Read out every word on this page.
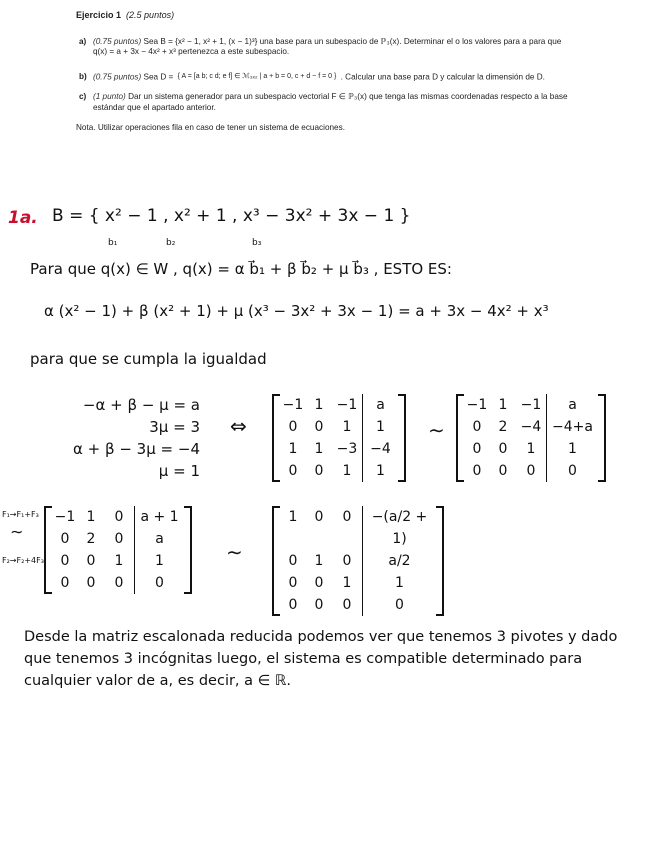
Ejercicio 1 (2.5 puntos)
a) (0.75 puntos) Sea B = {x² − 1, x² + 1, (x − 1)³} una base para un subespacio de ℙ₃(x). Determinar el o los valores para a para que q(x) = a + 3x − 4x² + x³ pertenezca a este subespacio.
b) (0.75 puntos) Sea D = { A = [a b; c d; e f] ∈ ℳ₃ₓ₂ | a + b = 0, c + d − f = 0 } . Calcular una base para D y calcular la dimensión de D.
c) (1 punto) Dar un sistema generador para un subespacio vectorial F ∈ ℙ₃(x) que tenga las mismas coordenadas respecto a la base estándar que el apartado anterior.
Nota. Utilizar operaciones fila en caso de tener un sistema de ecuaciones.
1a. B = { x² − 1 , x² + 1 , x³ − 3x² + 3x − 1 }
b₁	b₂	b₃
Para que q(x) ∈ W , q(x) = α b⃗₁ + β b⃗₂ + μ b⃗₃ , ESTO ES:
α (x² − 1) + β (x² + 1) + μ (x³ − 3x² + 3x − 1) = a + 3x − 4x² + x³
para que se cumpla la igualdad
−α + β − μ = a
3μ = 3
α + β − 3μ = −4
μ = 1
⇔
−1 1 −1	a
0	0	1	1
1	1 −3 −4
0	0	1	1
∼
−1 1 −1	a
0	2 −4 −4+a
0	0	1	1
0	0	0	0
F₁→F₁+F₃
∼
F₂→F₂+4F₃
−1 1	0	a + 1
0	2	0	a
0	0	1	1
0	0	0	0
∼
1	0	0	−(a/2 + 1)
0	1	0	a/2
0	0	1	1
0	0	0	0
Desde la matriz escalonada reducida podemos ver que tenemos 3 pivotes y dado que tenemos 3 incógnitas luego, el sistema es compatible determinado para cualquier valor de a, es decir, a ∈ ℝ.
